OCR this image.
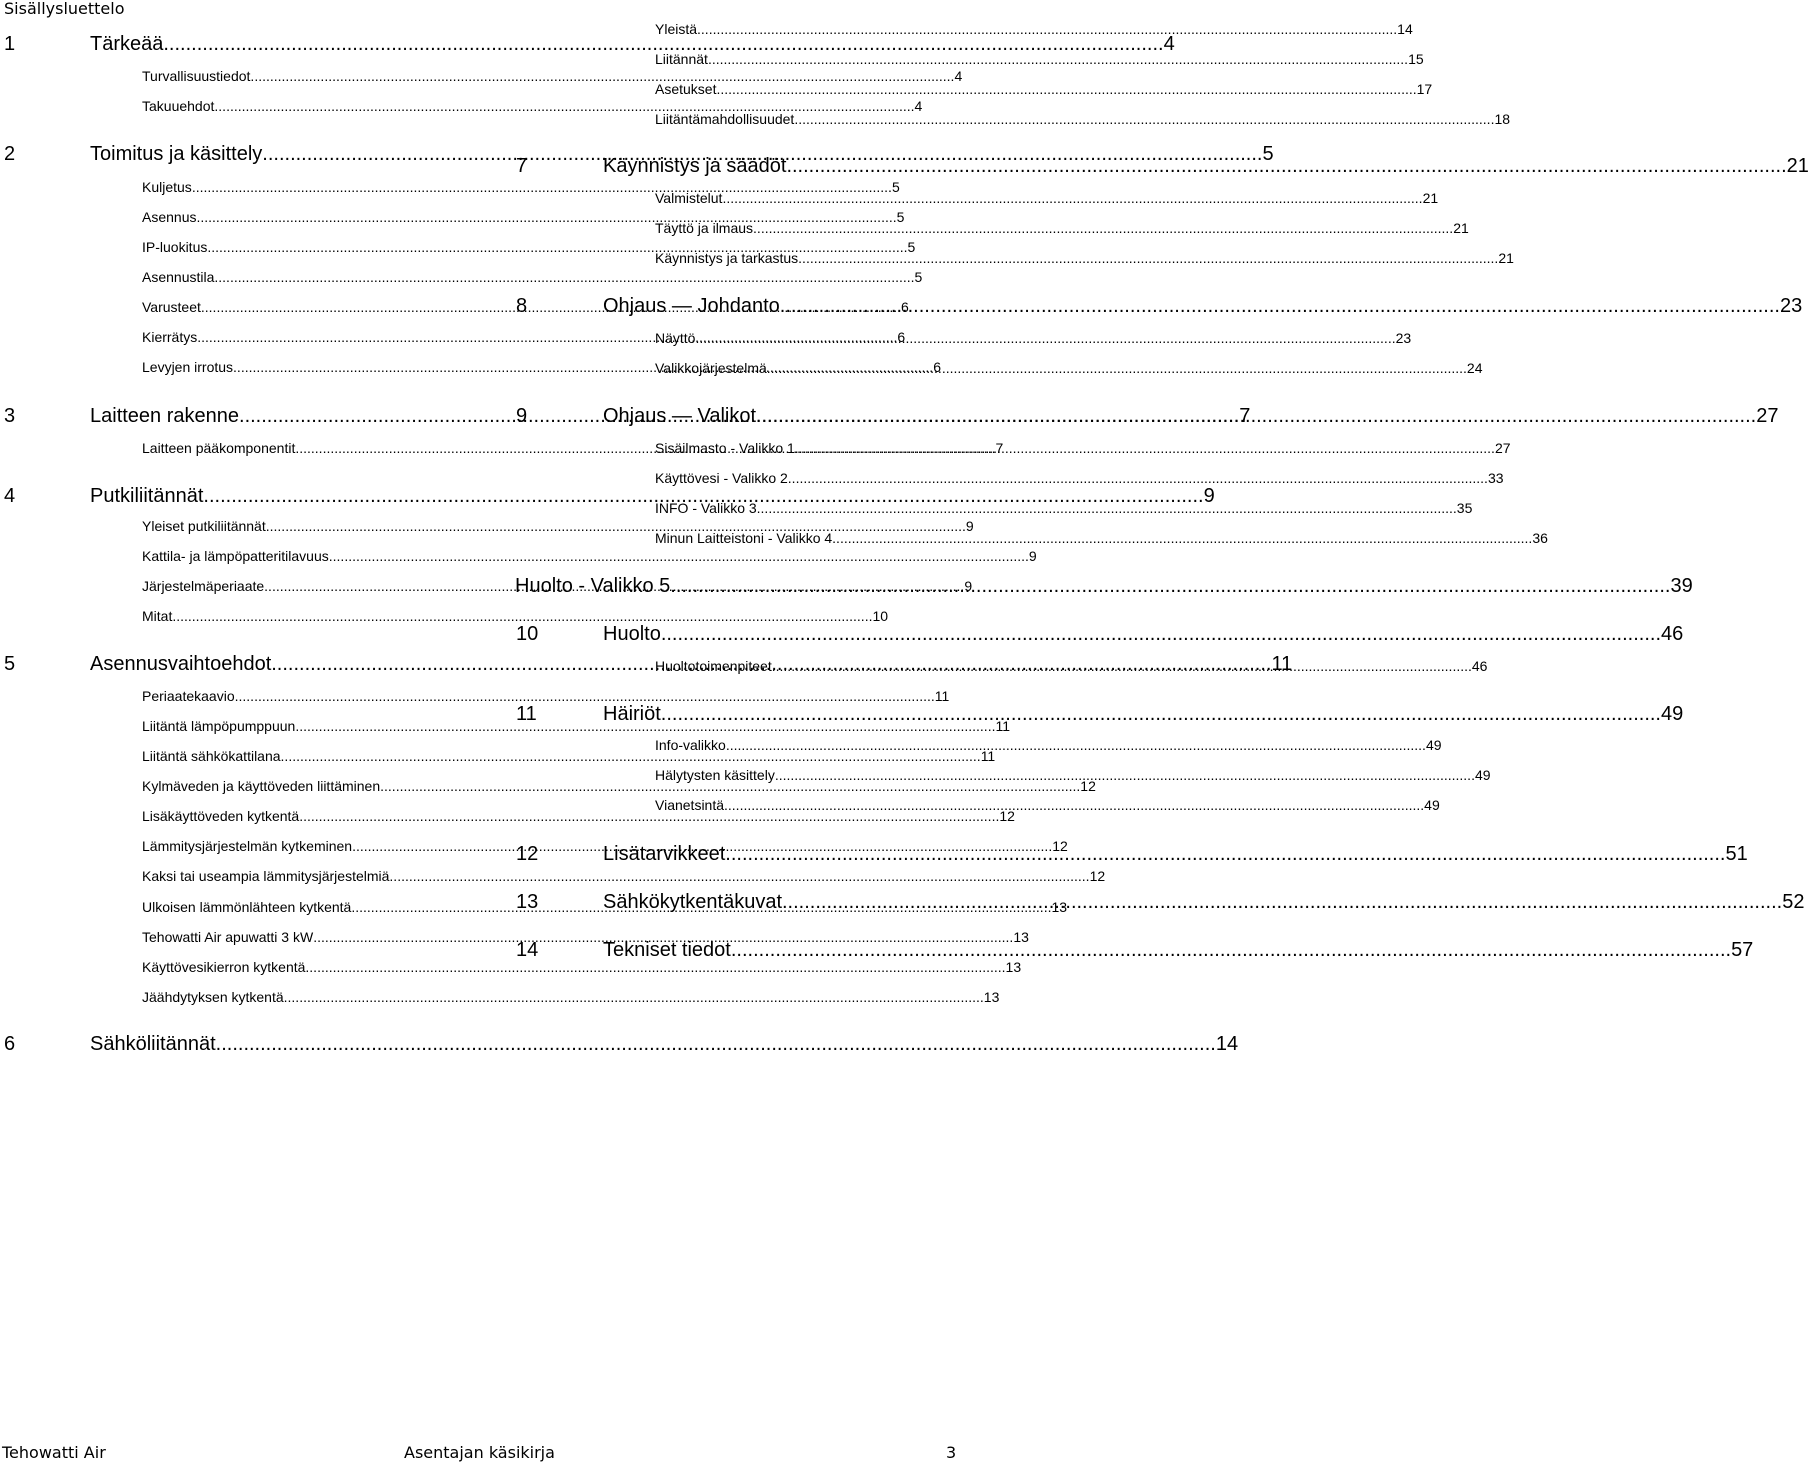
Sisällysluettelo
1	Tärkeää .....	4
Turvallisuustiedot. .....	4
Takuuehdot .....	4
2	Toimitus ja käsittely .....	5
Kuljetus .....	5
Asennus .....	5
IP-luokitus .....	5
Asennustila .....	5
Varusteet .....	6
Kierrätys .....	6
Levyjen irrotus .....	6
3	Laitteen rakenne .....	7
Laitteen pääkomponentit .....	7
4	Putkiliitännät .....	9
Yleiset putkiliitännät .....	9
Kattila- ja lämpöpatteritilavuus .....	9
Järjestelmäperiaate .....	9
Mitat .....	10
5	Asennusvaihtoehdot .....	11
Periaatekaavio .....	11
Liitäntä lämpöpumppuun .....	11
Liitäntä sähkökattilana .....	11
Kylmäveden ja käyttöveden liittäminen .....	12
Lisäkäyttöveden kytkentä .....	12
Lämmitysjärjestelmän kytkeminen .....	12
Kaksi tai useampia lämmitysjärjestelmiä .....	12
Ulkoisen lämmönlähteen kytkentä .....	13
Tehowatti Air apuwatti 3 kW .....	13
Käyttövesikierron kytkentä .....	13
Jäähdytyksen kytkentä .....	13
6	Sähköliitännät .....	14
Yleistä .....	14
Liitännät .....	15
Asetukset .....	17
Liitäntämahdollisuudet .....	18
7	Käynnistys ja säädöt .....	21
Valmistelut .....	21
Täyttö ja ilmaus .....	21
Käynnistys ja tarkastus .....	21
8	Ohjaus — Johdanto .....	23
Näyttö .....	23
Valikkojärjestelmä .....	24
9	Ohjaus — Valikot .....	27
Sisäilmasto - Valikko 1 .....	27
Käyttövesi - Valikko 2 .....	33
INFO - Valikko 3 .....	35
Minun Laitteistoni - Valikko 4 .....	36
Huolto - Valikko 5 .....	39
10	Huolto .....	46
Huoltotoimenpiteet .....	46
11	Häiriöt .....	49
Info-valikko .....	49
Hälytysten käsittely .....	49
Vianetsintä .....	49
12	Lisätarvikkeet .....	51
13	Sähkökytkentäkuvat .....	52
14	Tekniset tiedot .....	57
Tehowatti Air	Asentajan käsikirja	3
